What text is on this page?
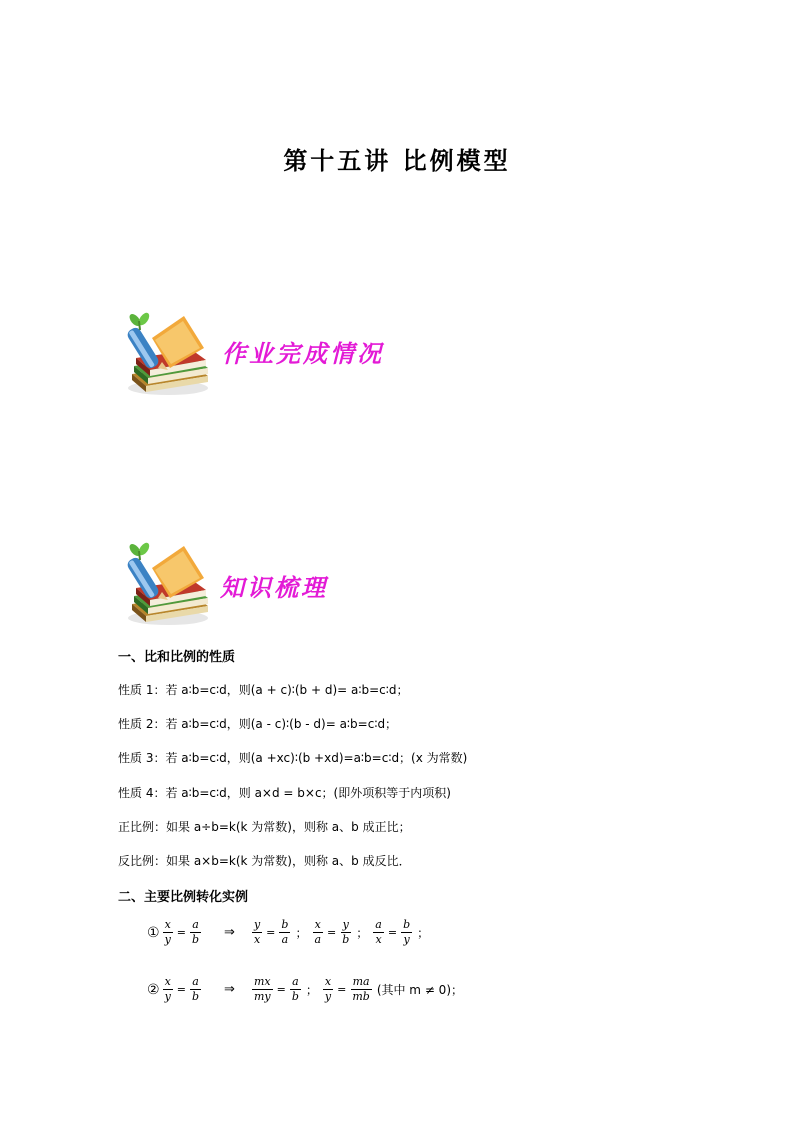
第十五讲 比例模型
作业完成情况
知识梳理
一、比和比例的性质
性质 1：若 a∶b=c∶d，则(a + c)∶(b + d)= a∶b=c∶d；
性质 2：若 a∶b=c∶d，则(a - c)∶(b - d)= a∶b=c∶d；
性质 3：若 a∶b=c∶d，则(a +xc)∶(b +xd)=a∶b=c∶d；(x 为常数)
性质 4：若 a∶b=c∶d，则 a×d = b×c；(即外项积等于内项积)
正比例：如果 a÷b=k(k 为常数)，则称 a、b 成正比；
反比例：如果 a×b=k(k 为常数)，则称 a、b 成反比．
二、主要比例转化实例
① $\frac{x}{y} = \frac{a}{b}$ ⇒ $\frac{y}{x} = \frac{b}{a}$ ； $\frac{x}{a} = \frac{y}{b}$ ； $\frac{a}{x} = \frac{b}{y}$ ；
② $\frac{x}{y} = \frac{a}{b}$ ⇒ $\frac{mx}{my} = \frac{a}{b}$ ； $\frac{x}{y} = \frac{ma}{mb}$ (其中 m ≠ 0)；
